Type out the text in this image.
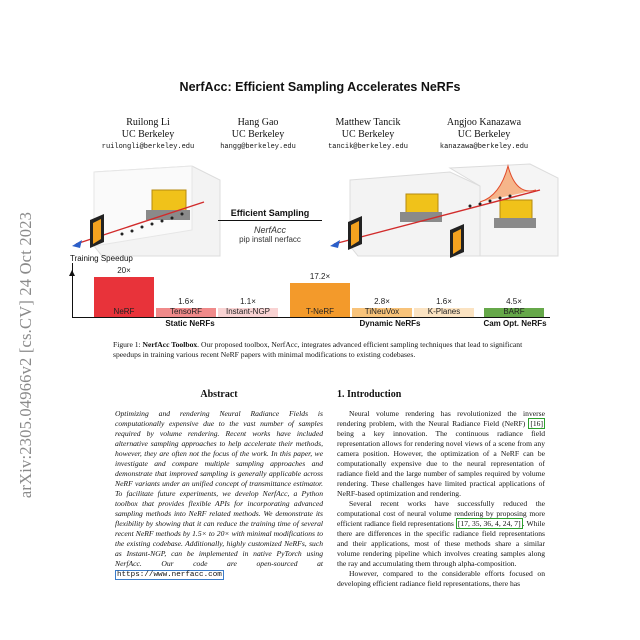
arXiv:2305.04966v2 [cs.CV] 24 Oct 2023
NerfAcc: Efficient Sampling Accelerates NeRFs
Ruilong Li
UC Berkeley
ruilongli@berkeley.edu
Hang Gao
UC Berkeley
hangg@berkeley.edu
Matthew Tancik
UC Berkeley
tancik@berkeley.edu
Angjoo Kanazawa
UC Berkeley
kanazawa@berkeley.edu
Efficient Sampling
NerfAcc
pip install nerfacc
Training Speedup
NeRF
20×
TensoRF
1.6×
Instant-NGP
1.1×
T-NeRF
17.2×
TiNeuVox
2.8×
K-Planes
1.6×
BARF
4.5×
Static NeRFs	Dynamic NeRFs	Cam Opt. NeRFs
Figure 1: NerfAcc Toolbox. Our proposed toolbox, NerfAcc, integrates advanced efficient sampling techniques that lead to significant speedups in training various recent NeRF papers with minimal modifications to existing codebases.
Abstract
Optimizing and rendering Neural Radiance Fields is computationally expensive due to the vast number of samples required by volume rendering. Recent works have included alternative sampling approaches to help accelerate their methods, however, they are often not the focus of the work. In this paper, we investigate and compare multiple sampling approaches and demonstrate that improved sampling is generally applicable across NeRF variants under an unified concept of transmittance estimator. To facilitate future experiments, we develop NerfAcc, a Python toolbox that provides flexible APIs for incorporating advanced sampling methods into NeRF related methods. We demonstrate its flexibility by showing that it can reduce the training time of several recent NeRF methods by 1.5× to 20× with minimal modifications to the existing codebase. Additionally, highly customized NeRFs, such as Instant-NGP, can be implemented in native PyTorch using NerfAcc. Our code are open-sourced at https://www.nerfacc.com
1. Introduction
Neural volume rendering has revolutionized the inverse rendering problem, with the Neural Radiance Field (NeRF) [16] being a key innovation. The continuous radiance field representation allows for rendering novel views of a scene from any camera position. However, the optimization of a NeRF can be computationally expensive due to the neural representation of radiance field and the large number of samples required by volume rendering. These challenges have limited practical applications of NeRF-based optimization and rendering.
Several recent works have successfully reduced the computational cost of neural volume rendering by proposing more efficient radiance field representations [17, 35, 36, 4, 24, 7] . While there are differences in the specific radiance field representations and their applications, most of these methods share a similar volume rendering pipeline which involves creating samples along the ray and accumulating them through alpha-composition.
However, compared to the considerable efforts focused on developing efficient radiance field representations, there has
